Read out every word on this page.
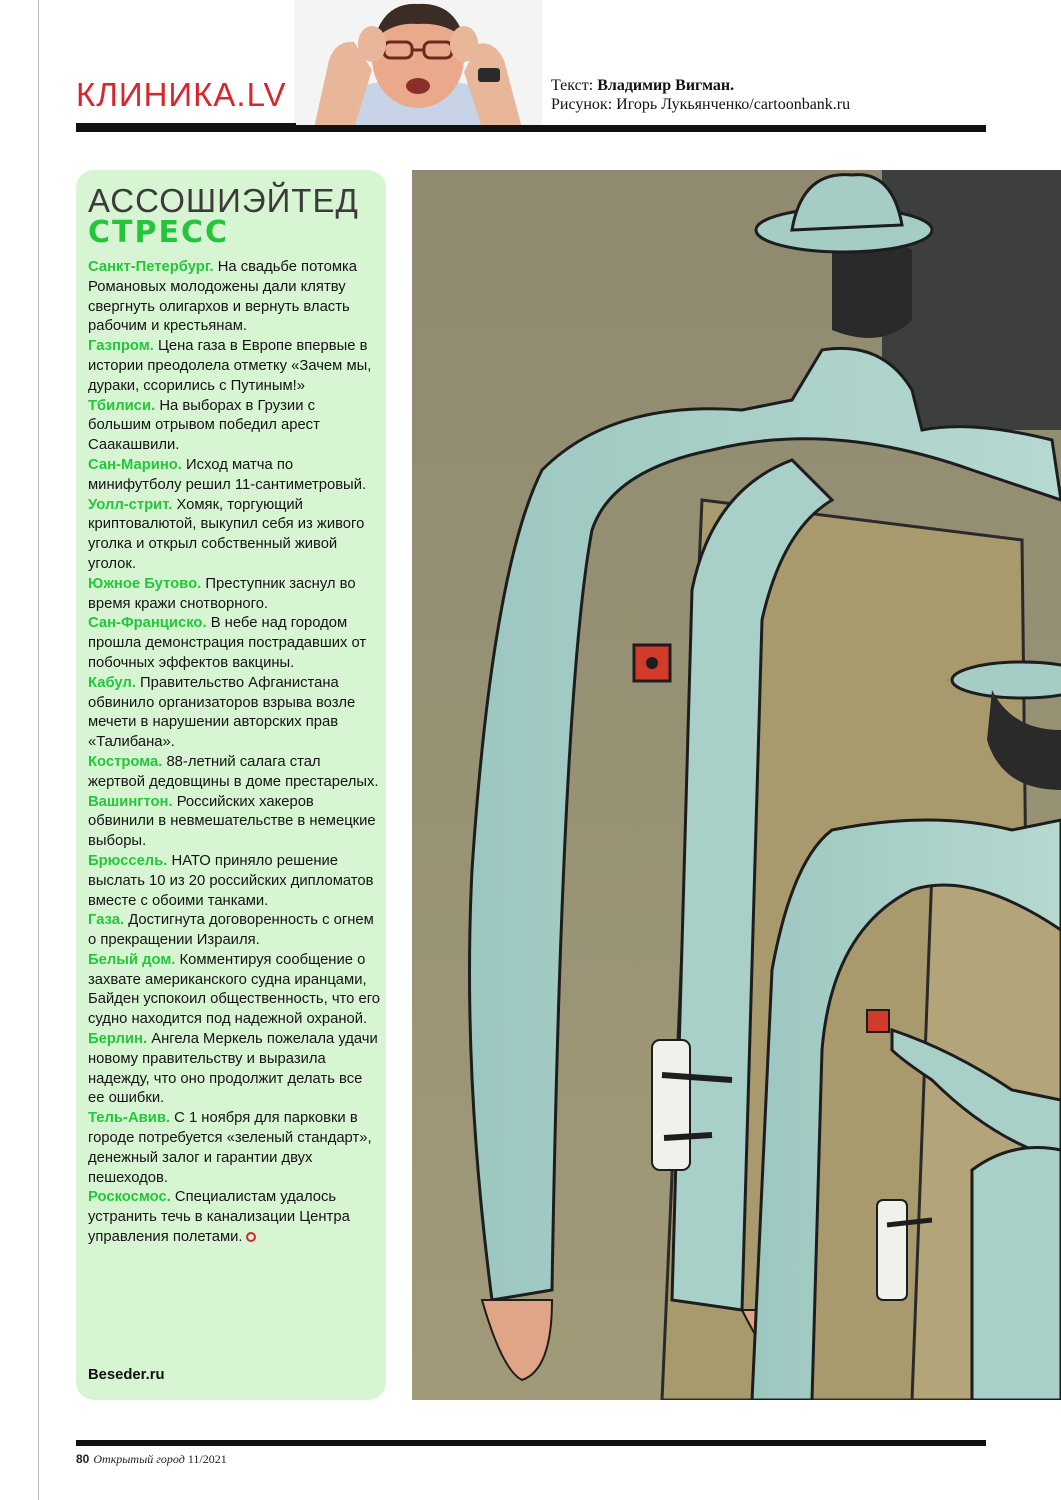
КЛИНИКА.LV	Текст: Владимир Вигман.
Рисунок: Игорь Лукьянченко/cartoonbank.ru
АССОШИЭЙТЕД
СТРЕСС

Санкт-Петербург. На свадьбе потомка Романовых молодожены дали клятву свергнуть олигархов и вернуть власть рабочим и крестьянам.

Газпром. Цена газа в Европе впервые в истории преодолела отметку «Зачем мы, дураки, ссорились с Путиным!»

Тбилиси. На выборах в Грузии с большим отрывом победил арест Саакашвили.

Сан-Марино. Исход матча по минифутболу решил 11-сантиметровый.

Уолл-стрит. Хомяк, торгующий криптовалютой, выкупил себя из живого уголка и открыл собственный живой уголок.

Южное Бутово. Преступник заснул во время кражи снотворного.

Сан-Франциско. В небе над городом прошла демонстрация пострадавших от побочных эффектов вакцины.

Кабул. Правительство Афганистана обвинило организаторов взрыва возле мечети в нарушении авторских прав «Талибана».

Кострома. 88-летний салага стал жертвой дедовщины в доме престарелых.

Вашингтон. Российских хакеров обвинили в невмешательстве в немецкие выборы.

Брюссель. НАТО приняло решение выслать 10 из 20 российских дипломатов вместе с обоими танками.

Газа. Достигнута договоренность с огнем о прекращении Израиля.

Белый дом. Комментируя сообщение о захвате американского судна иранцами, Байден успокоил общественность, что его судно находится под надежной охраной.

Берлин. Ангела Меркель пожелала удачи новому правительству и выразила надежду, что оно продолжит делать все ее ошибки.

Тель-Авив. С 1 ноября для парковки в городе потребуется «зеленый стандарт», денежный залог и гарантии двух пешеходов.

Роскосмос. Специалистам удалось устранить течь в канализации Центра управления полетами.

Beseder.ru
80 Открытый город 11/2021
